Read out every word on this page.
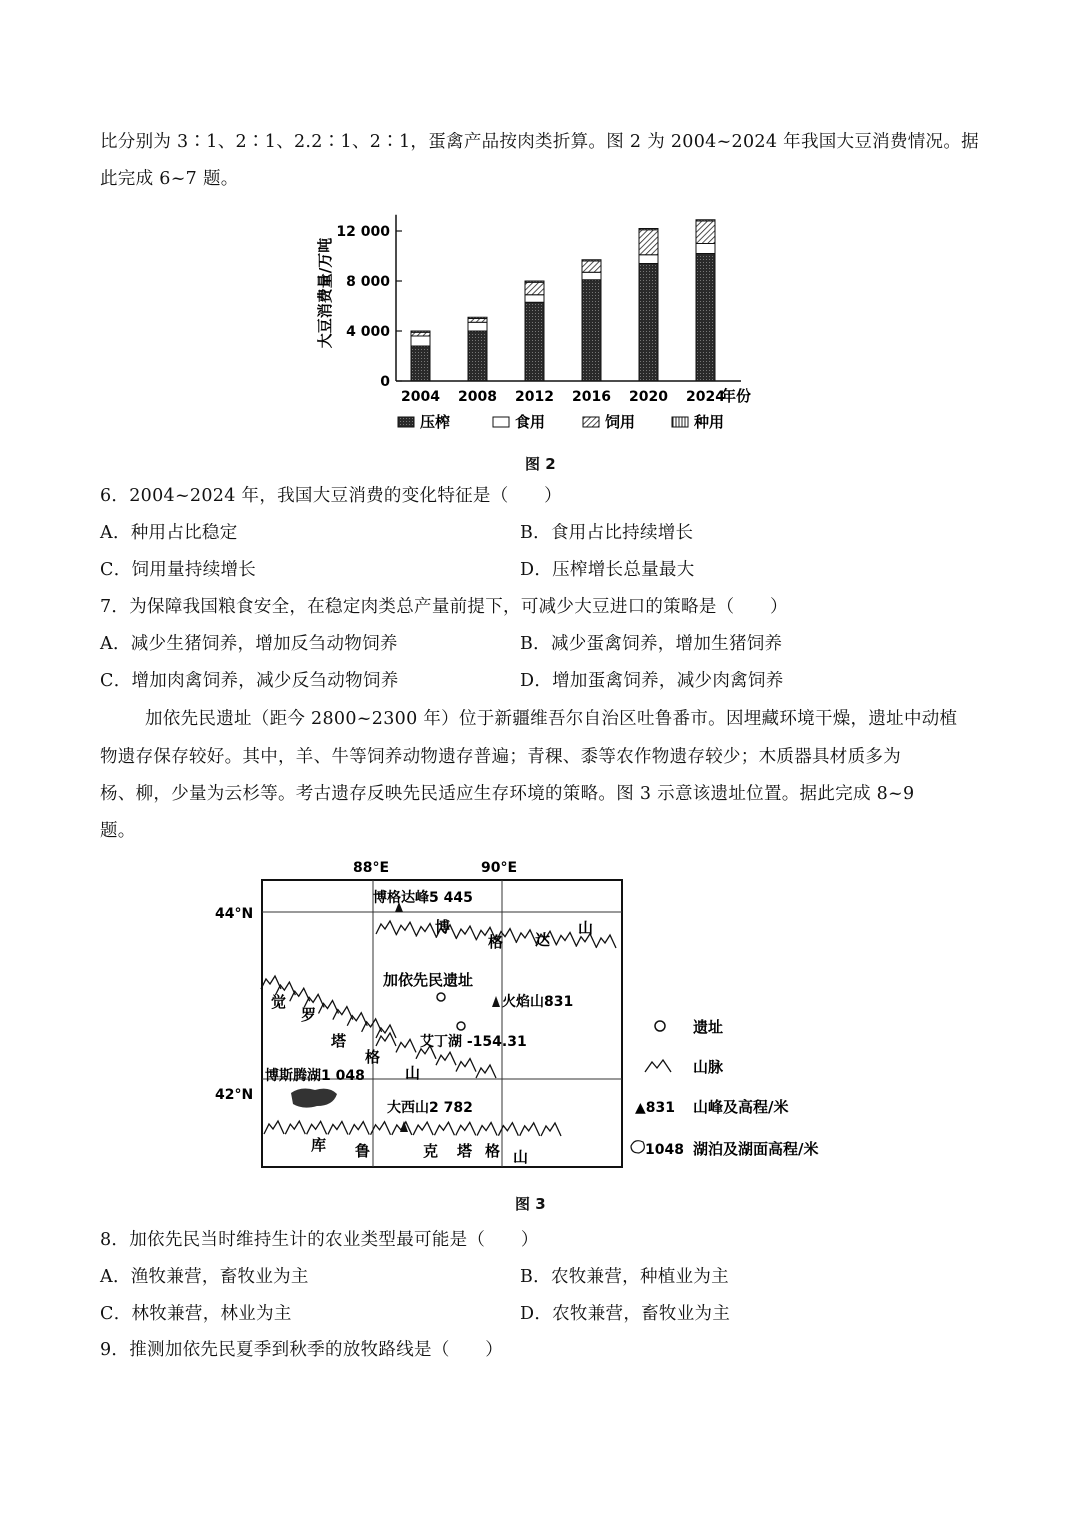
比分别为 3∶1、2∶1、2.2∶1、2∶1，蛋禽产品按肉类折算。图 2 为 2004~2024 年我国大豆消费情况。据
此完成 6~7 题。
0
4 000
8 000
12 000
大豆消费量/万吨
2004 2008 2012 2016 2020 2024
年份
压榨	食用	饲用	种用
图 2
6．2004~2024 年，我国大豆消费的变化特征是（　　）
A．种用占比稳定	B．食用占比持续增长
C．饲用量持续增长	D．压榨增长总量最大
7．为保障我国粮食安全，在稳定肉类总产量前提下，可减少大豆进口的策略是（　　）
A．减少生猪饲养，增加反刍动物饲养	B．减少蛋禽饲养，增加生猪饲养
C．增加肉禽饲养，减少反刍动物饲养	D．增加蛋禽饲养，减少肉禽饲养
加依先民遗址（距今 2800~2300 年）位于新疆维吾尔自治区吐鲁番市。因埋藏环境干燥，遗址中动植
物遗存保存较好。其中，羊、牛等饲养动物遗存普遍；青稞、黍等农作物遗存较少；木质器具材质多为
杨、柳，少量为云杉等。考古遗存反映先民适应生存环境的策略。图 3 示意该遗址位置。据此完成 8~9
题。
88°E	90°E
44°N
42°N
博格达峰5 445
博
格 达
山
加依先民遗址
火焰山831
艾丁湖 -154.31
觉
罗
塔
格
山
博斯腾湖1 048
大西山2 782
库 鲁	克 塔 格 山
遗址
山脉
▲831 山峰及高程/米
1048 湖泊及湖面高程/米
图 3
8．加依先民当时维持生计的农业类型最可能是（　　）
A．渔牧兼营，畜牧业为主	B．农牧兼营，种植业为主
C．林牧兼营，林业为主	D．农牧兼营，畜牧业为主
9．推测加依先民夏季到秋季的放牧路线是（　　）
